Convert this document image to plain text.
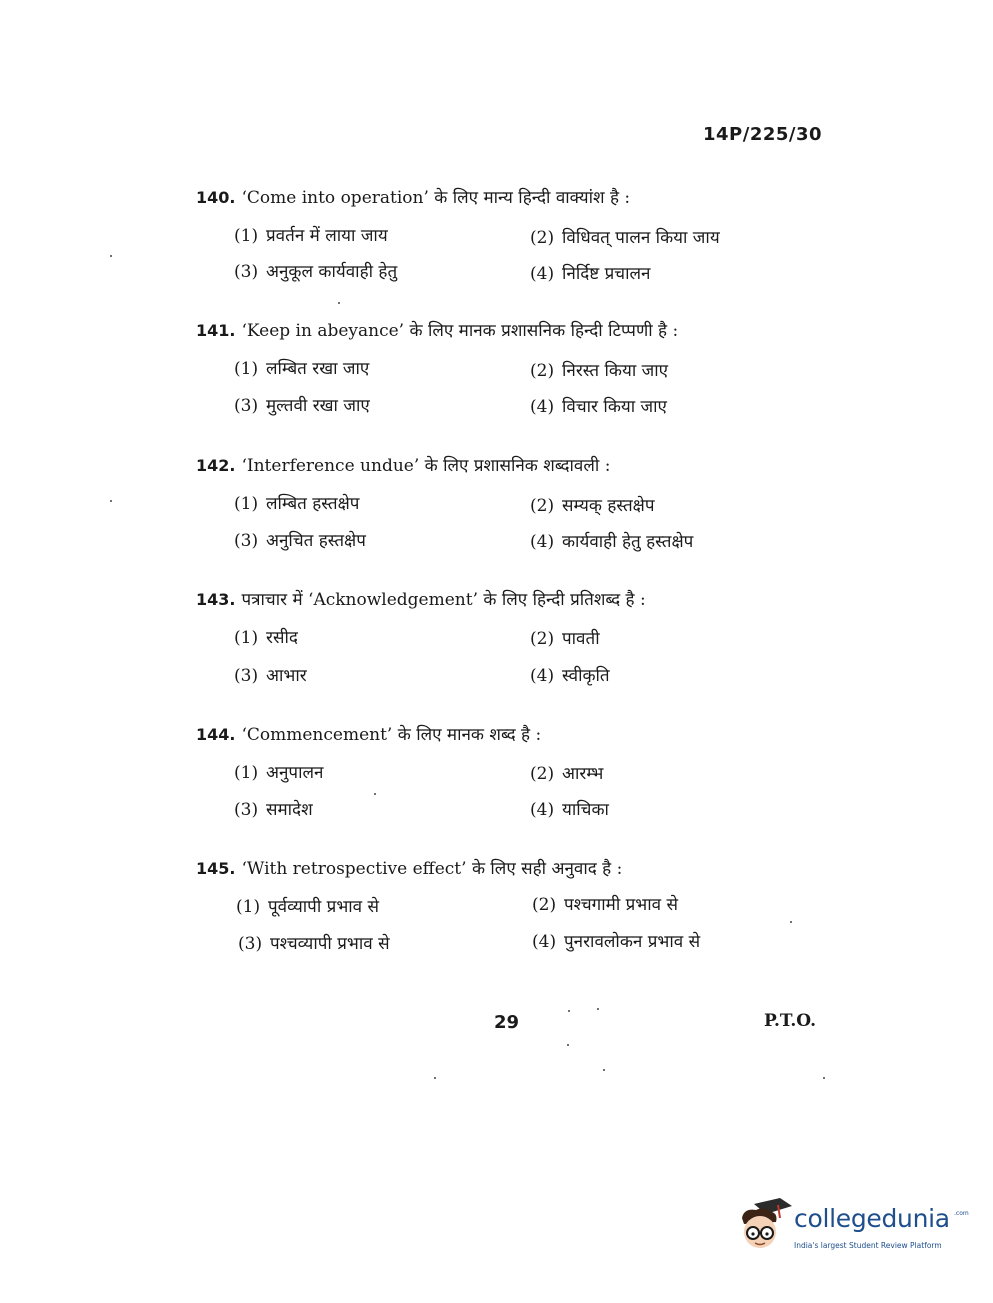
14P/225/30
140. ‘Come into operation’ के लिए मान्य हिन्दी वाक्यांश है :
(1) प्रवर्तन में लाया जाय	(2) विधिवत् पालन किया जाय
(3) अनुकूल कार्यवाही हेतु	(4) निर्दिष्ट प्रचालन
141. ‘Keep in abeyance’ के लिए मानक प्रशासनिक हिन्दी टिप्पणी है :
(1) लम्बित रखा जाए	(2) निरस्त किया जाए
(3) मुल्तवी रखा जाए	(4) विचार किया जाए
142. ‘Interference undue’ के लिए प्रशासनिक शब्दावली :
(1) लम्बित हस्तक्षेप	(2) सम्यक् हस्तक्षेप
(3) अनुचित हस्तक्षेप	(4) कार्यवाही हेतु हस्तक्षेप
143. पत्राचार में ‘Acknowledgement’ के लिए हिन्दी प्रतिशब्द है :
(1) रसीद	(2) पावती
(3) आभार	(4) स्वीकृति
144. ‘Commencement’ के लिए मानक शब्द है :
(1) अनुपालन	(2) आरम्भ
(3) समादेश	(4) याचिका
145. ‘With retrospective effect’ के लिए सही अनुवाद है :
(1) पूर्वव्यापी प्रभाव से	(2) पश्चगामी प्रभाव से
(3) पश्चव्यापी प्रभाव से	(4) पुनरावलोकन प्रभाव से
29	P.T.O.
collegedunia .com
India's largest Student Review Platform
